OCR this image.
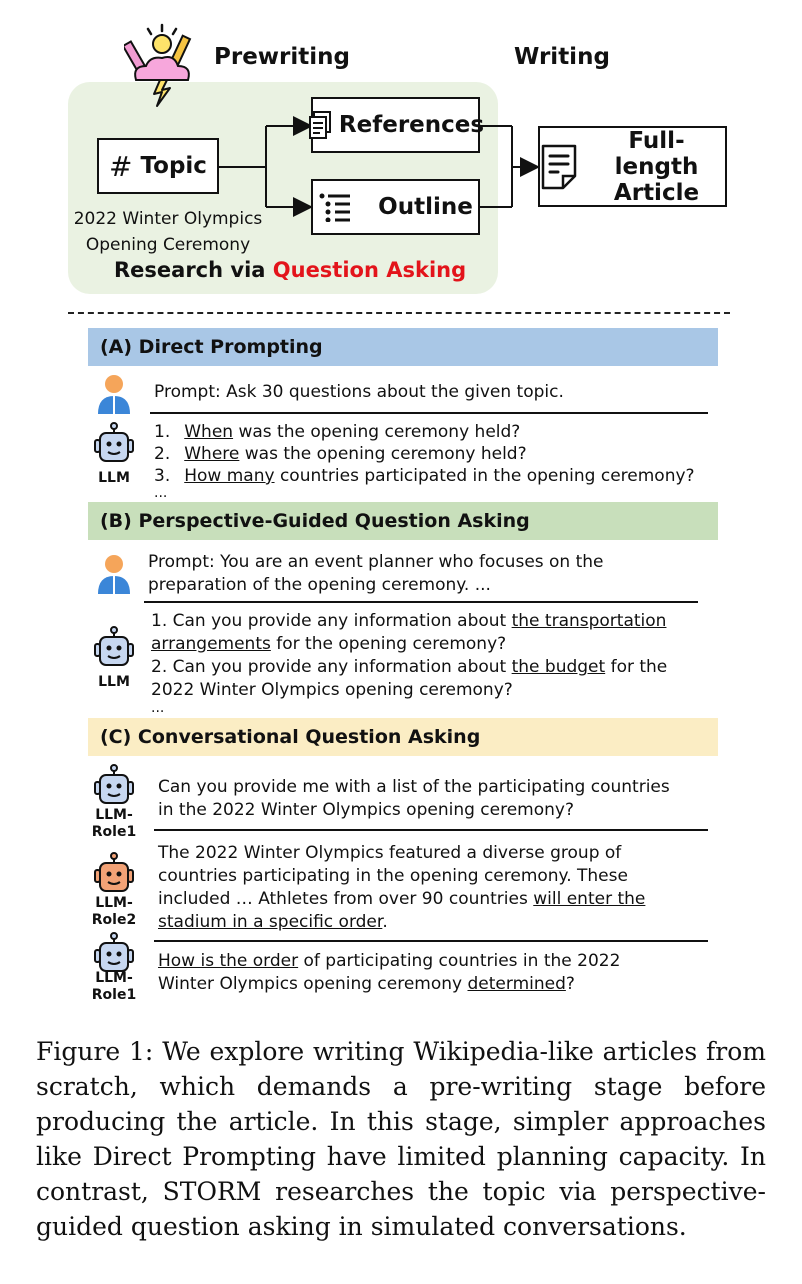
Prewriting	Writing
# Topic
2022 Winter Olympics
Opening Ceremony
References
Outline
Full-length
Article
Research via Question Asking
(A) Direct Prompting
Prompt: Ask 30 questions about the given topic.
LLM
1. When was the opening ceremony held?
2. Where was the opening ceremony held?
3. How many countries participated in the opening ceremony?
...
(B) Perspective-Guided Question Asking
Prompt: You are an event planner who focuses on the
preparation of the opening ceremony. ...
LLM
1. Can you provide any information about the transportation
arrangements for the opening ceremony?
2. Can you provide any information about the budget for the
2022 Winter Olympics opening ceremony?
...
(C) Conversational Question Asking
LLM-
Role1
Can you provide me with a list of the participating countries
in the 2022 Winter Olympics opening ceremony?
LLM-
Role2
The 2022 Winter Olympics featured a diverse group of
countries participating in the opening ceremony. These
included … Athletes from over 90 countries will enter the
stadium in a specific order.
LLM-
Role1
How is the order of participating countries in the 2022
Winter Olympics opening ceremony determined?
Figure 1: We explore writing Wikipedia-like articles from scratch, which demands a pre-writing stage before producing the article. In this stage, simpler approaches like Direct Prompting have limited planning capacity. In contrast, STORM researches the topic via perspective-guided question asking in simulated conversations.
